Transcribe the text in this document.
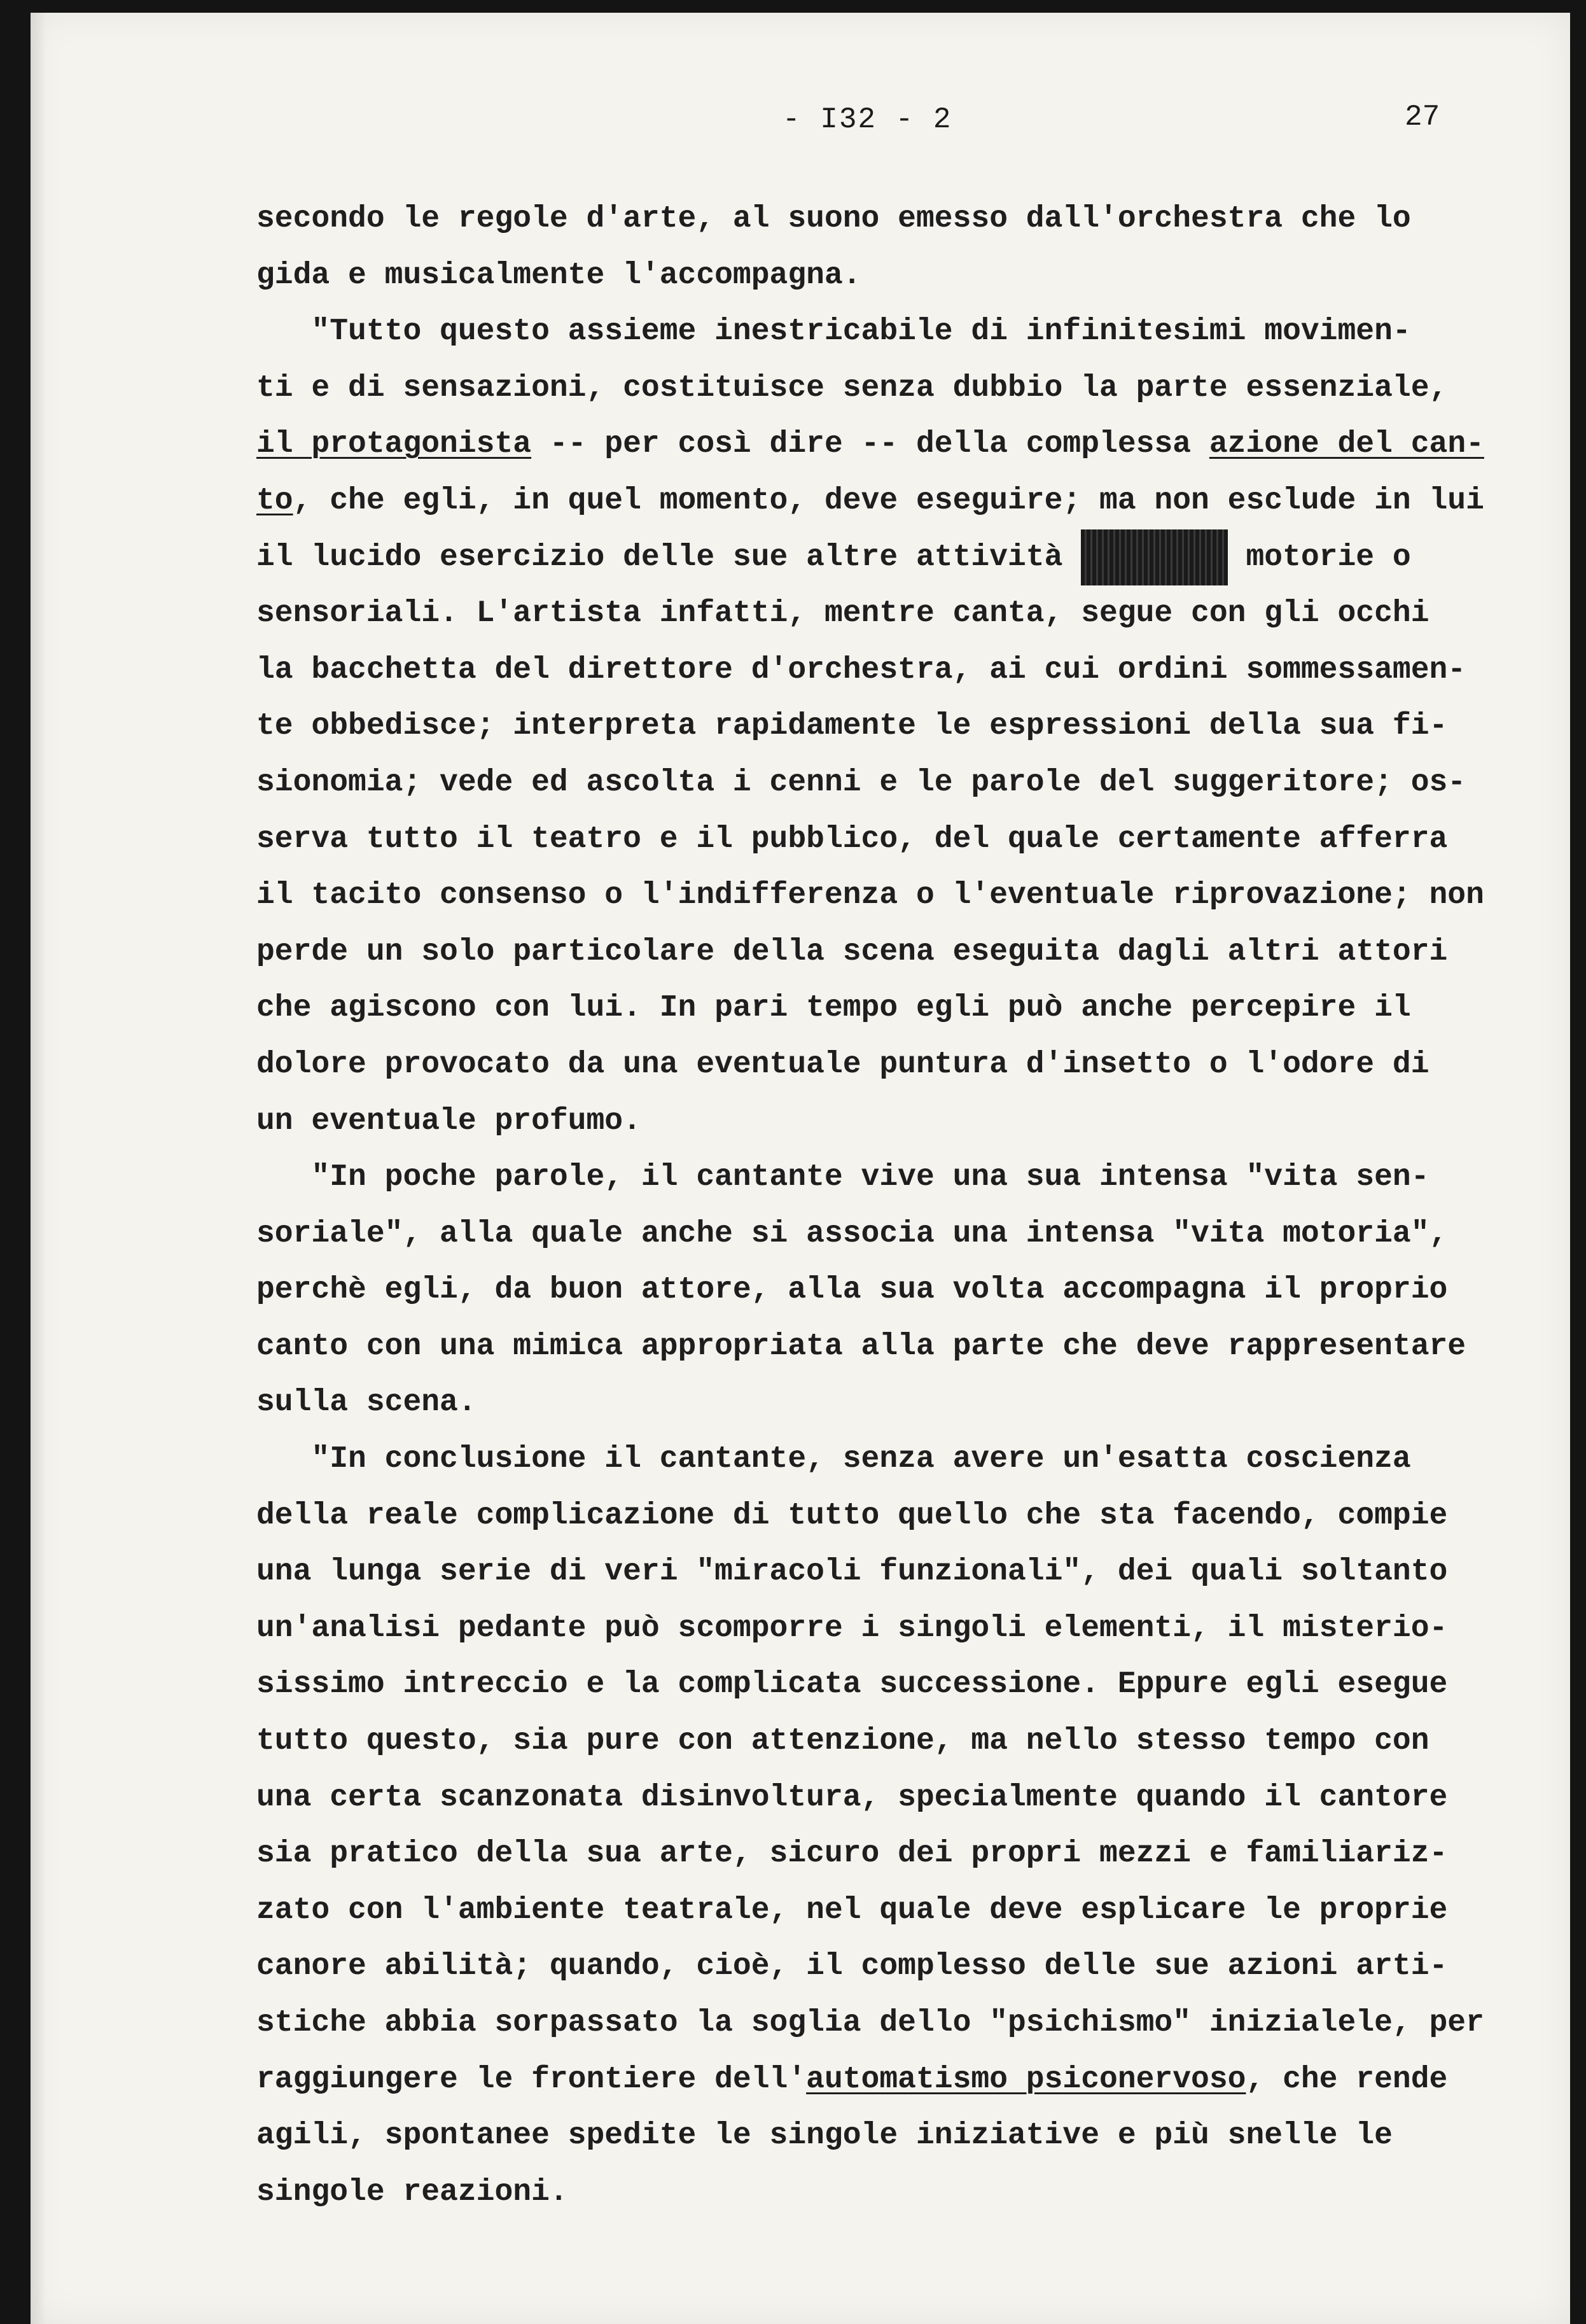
- I32 - 2	27
secondo le regole d'arte, al suono emesso dall'orchestra che lo
gida e musicalmente l'accompagna.
"Tutto questo assieme inestricabile di infinitesimi movimen-
ti e di sensazioni, costituisce senza dubbio la parte essenziale,
il protagonista -- per così dire -- della complessa azione del can-
to, che egli, in quel momento, deve eseguire; ma non esclude in lui
il lucido esercizio delle sue altre attività	motorie o
sensoriali. L'artista infatti, mentre canta, segue con gli occhi
la bacchetta del direttore d'orchestra, ai cui ordini sommessamen-
te obbedisce; interpreta rapidamente le espressioni della sua fi-
sionomia; vede ed ascolta i cenni e le parole del suggeritore; os-
serva tutto il teatro e il pubblico, del quale certamente afferra
il tacito consenso o l'indifferenza o l'eventuale riprovazione; non
perde un solo particolare della scena eseguita dagli altri attori
che agiscono con lui. In pari tempo egli può anche percepire il
dolore provocato da una eventuale puntura d'insetto o l'odore di
un eventuale profumo.
"In poche parole, il cantante vive una sua intensa "vita sen-
soriale", alla quale anche si associa una intensa "vita motoria",
perchè egli, da buon attore, alla sua volta accompagna il proprio
canto con una mimica appropriata alla parte che deve rappresentare
sulla scena.
"In conclusione il cantante, senza avere un'esatta coscienza
della reale complicazione di tutto quello che sta facendo, compie
una lunga serie di veri "miracoli funzionali", dei quali soltanto
un'analisi pedante può scomporre i singoli elementi, il misterio-
sissimo intreccio e la complicata successione. Eppure egli esegue
tutto questo, sia pure con attenzione, ma nello stesso tempo con
una certa scanzonata disinvoltura, specialmente quando il cantore
sia pratico della sua arte, sicuro dei propri mezzi e familiariz-
zato con l'ambiente teatrale, nel quale deve esplicare le proprie
canore abilità; quando, cioè, il complesso delle sue azioni arti-
stiche abbia sorpassato la soglia dello "psichismo" inizialele, per
raggiungere le frontiere dell'automatismo psiconervoso, che rende
agili, spontanee spedite le singole iniziative e più snelle le
singole reazioni.
